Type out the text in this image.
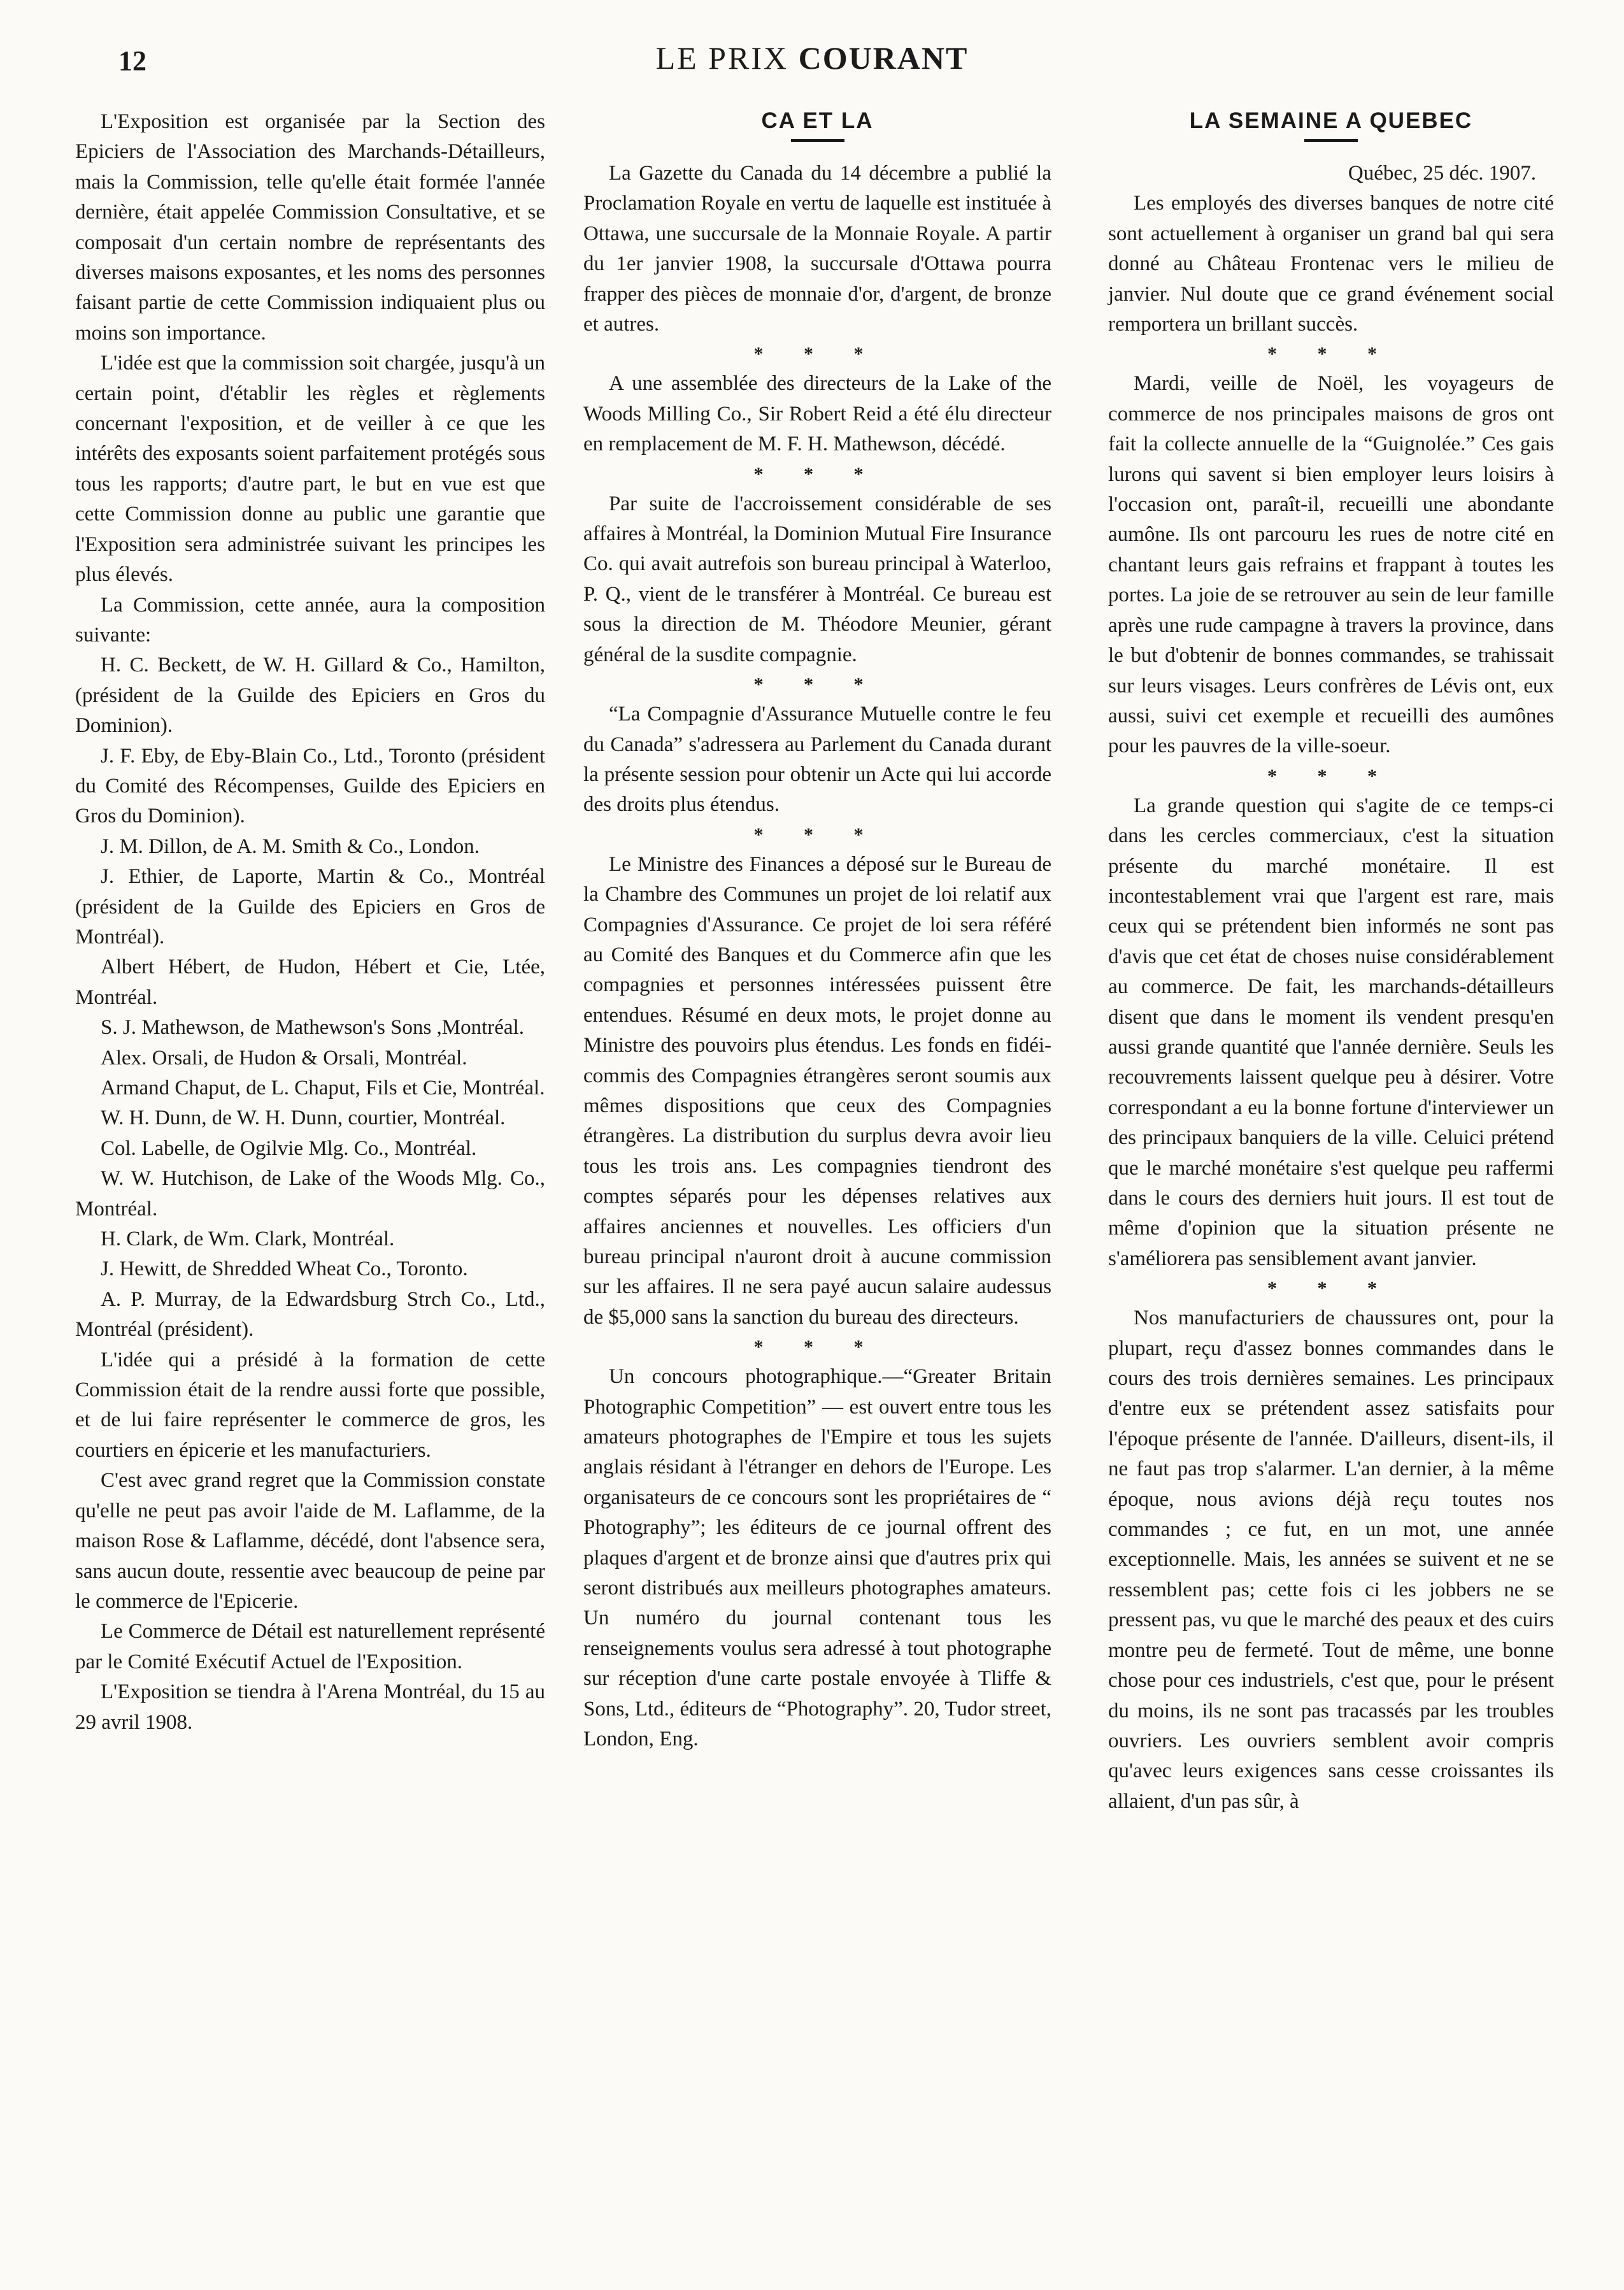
12	LE PRIX COURANT

L'Exposition est organisée par la Section des Epiciers de l'Association des Marchands-Détailleurs, mais la Commission, telle qu'elle était formée l'année dernière, était appelée Commission Consultative, et se composait d'un certain nombre de représentants des diverses maisons exposantes, et les noms des personnes faisant partie de cette Commission indiquaient plus ou moins son importance.

L'idée est que la commission soit chargée, jusqu'à un certain point, d'établir les règles et règlements concernant l'exposition, et de veiller à ce que les intérêts des exposants soient parfaitement protégés sous tous les rapports; d'autre part, le but en vue est que cette Commission donne au public une garantie que l'Exposition sera administrée suivant les principes les plus élevés.

La Commission, cette année, aura la composition suivante:

H. C. Beckett, de W. H. Gillard & Co., Hamilton, (président de la Guilde des Epiciers en Gros du Dominion).

J. F. Eby, de Eby-Blain Co., Ltd., Toronto (président du Comité des Récompenses, Guilde des Epiciers en Gros du Dominion).

J. M. Dillon, de A. M. Smith & Co., London.

J. Ethier, de Laporte, Martin & Co., Montréal (président de la Guilde des Epiciers en Gros de Montréal).

Albert Hébert, de Hudon, Hébert et Cie, Ltée, Montréal.

S. J. Mathewson, de Mathewson's Sons ,Montréal.

Alex. Orsali, de Hudon & Orsali, Montréal.

Armand Chaput, de L. Chaput, Fils et Cie, Montréal.

W. H. Dunn, de W. H. Dunn, courtier, Montréal.

Col. Labelle, de Ogilvie Mlg. Co., Montréal.

W. W. Hutchison, de Lake of the Woods Mlg. Co., Montréal.

H. Clark, de Wm. Clark, Montréal.

J. Hewitt, de Shredded Wheat Co., Toronto.

A. P. Murray, de la Edwardsburg Strch Co., Ltd., Montréal (président).

L'idée qui a présidé à la formation de cette Commission était de la rendre aussi forte que possible, et de lui faire représenter le commerce de gros, les courtiers en épicerie et les manufacturiers.

C'est avec grand regret que la Commission constate qu'elle ne peut pas avoir l'aide de M. Laflamme, de la maison Rose & Laflamme, décédé, dont l'absence sera, sans aucun doute, ressentie avec beaucoup de peine par le commerce de l'Epicerie.

Le Commerce de Détail est naturellement représenté par le Comité Exécutif Actuel de l'Exposition.

L'Exposition se tiendra à l'Arena Montréal, du 15 au 29 avril 1908.

CA ET LA

La Gazette du Canada du 14 décembre a publié la Proclamation Royale en vertu de laquelle est instituée à Ottawa, une succursale de la Monnaie Royale. A partir du 1er janvier 1908, la succursale d'Ottawa pourra frapper des pièces de monnaie d'or, d'argent, de bronze et autres.

* * *

A une assemblée des directeurs de la Lake of the Woods Milling Co., Sir Robert Reid a été élu directeur en remplacement de M. F. H. Mathewson, décédé.

* * *

Par suite de l'accroissement considérable de ses affaires à Montréal, la Dominion Mutual Fire Insurance Co. qui avait autrefois son bureau principal à Waterloo, P. Q., vient de le transférer à Montréal. Ce bureau est sous la direction de M. Théodore Meunier, gérant général de la susdite compagnie.

* * *

“La Compagnie d'Assurance Mutuelle contre le feu du Canada” s'adressera au Parlement du Canada durant la présente session pour obtenir un Acte qui lui accorde des droits plus étendus.

* * *

Le Ministre des Finances a déposé sur le Bureau de la Chambre des Communes un projet de loi relatif aux Compagnies d'Assurance. Ce projet de loi sera référé au Comité des Banques et du Commerce afin que les compagnies et personnes intéressées puissent être entendues. Résumé en deux mots, le projet donne au Ministre des pouvoirs plus étendus. Les fonds en fidéi-commis des Compagnies étrangères seront soumis aux mêmes dispositions que ceux des Compagnies étrangères. La distribution du surplus devra avoir lieu tous les trois ans. Les compagnies tiendront des comptes séparés pour les dépenses relatives aux affaires anciennes et nouvelles. Les officiers d'un bureau principal n'auront droit à aucune commission sur les affaires. Il ne sera payé aucun salaire audessus de $5,000 sans la sanction du bureau des directeurs.

* * *

Un concours photographique.—“Greater Britain Photographic Competition” — est ouvert entre tous les amateurs photographes de l'Empire et tous les sujets anglais résidant à l'étranger en dehors de l'Europe. Les organisateurs de ce concours sont les propriétaires de “ Photography”; les éditeurs de ce journal offrent des plaques d'argent et de bronze ainsi que d'autres prix qui seront distribués aux meilleurs photographes amateurs. Un numéro du journal contenant tous les renseignements voulus sera adressé à tout photographe sur réception d'une carte postale envoyée à Tliffe & Sons, Ltd., éditeurs de “Photography”. 20, Tudor street, London, Eng.

LA SEMAINE A QUEBEC

Québec, 25 déc. 1907.

Les employés des diverses banques de notre cité sont actuellement à organiser un grand bal qui sera donné au Château Frontenac vers le milieu de janvier. Nul doute que ce grand événement social remportera un brillant succès.

* * *

Mardi, veille de Noël, les voyageurs de commerce de nos principales maisons de gros ont fait la collecte annuelle de la “Guignolée.” Ces gais lurons qui savent si bien employer leurs loisirs à l'occasion ont, paraît-il, recueilli une abondante aumône. Ils ont parcouru les rues de notre cité en chantant leurs gais refrains et frappant à toutes les portes. La joie de se retrouver au sein de leur famille après une rude campagne à travers la province, dans le but d'obtenir de bonnes commandes, se trahissait sur leurs visages. Leurs confrères de Lévis ont, eux aussi, suivi cet exemple et recueilli des aumônes pour les pauvres de la ville-soeur.

* * *

La grande question qui s'agite de ce temps-ci dans les cercles commerciaux, c'est la situation présente du marché monétaire. Il est incontestablement vrai que l'argent est rare, mais ceux qui se prétendent bien informés ne sont pas d'avis que cet état de choses nuise considérablement au commerce. De fait, les marchands-détailleurs disent que dans le moment ils vendent presqu'en aussi grande quantité que l'année dernière. Seuls les recouvrements laissent quelque peu à désirer. Votre correspondant a eu la bonne fortune d'interviewer un des principaux banquiers de la ville. Celuici prétend que le marché monétaire s'est quelque peu raffermi dans le cours des derniers huit jours. Il est tout de même d'opinion que la situation présente ne s'améliorera pas sensiblement avant janvier.

* * *

Nos manufacturiers de chaussures ont, pour la plupart, reçu d'assez bonnes commandes dans le cours des trois dernières semaines. Les principaux d'entre eux se prétendent assez satisfaits pour l'époque présente de l'année. D'ailleurs, disent-ils, il ne faut pas trop s'alarmer. L'an dernier, à la même époque, nous avions déjà reçu toutes nos commandes ; ce fut, en un mot, une année exceptionnelle. Mais, les années se suivent et ne se ressemblent pas; cette fois ci les jobbers ne se pressent pas, vu que le marché des peaux et des cuirs montre peu de fermeté. Tout de même, une bonne chose pour ces industriels, c'est que, pour le présent du moins, ils ne sont pas tracassés par les troubles ouvriers. Les ouvriers semblent avoir compris qu'avec leurs exigences sans cesse croissantes ils allaient, d'un pas sûr, à
